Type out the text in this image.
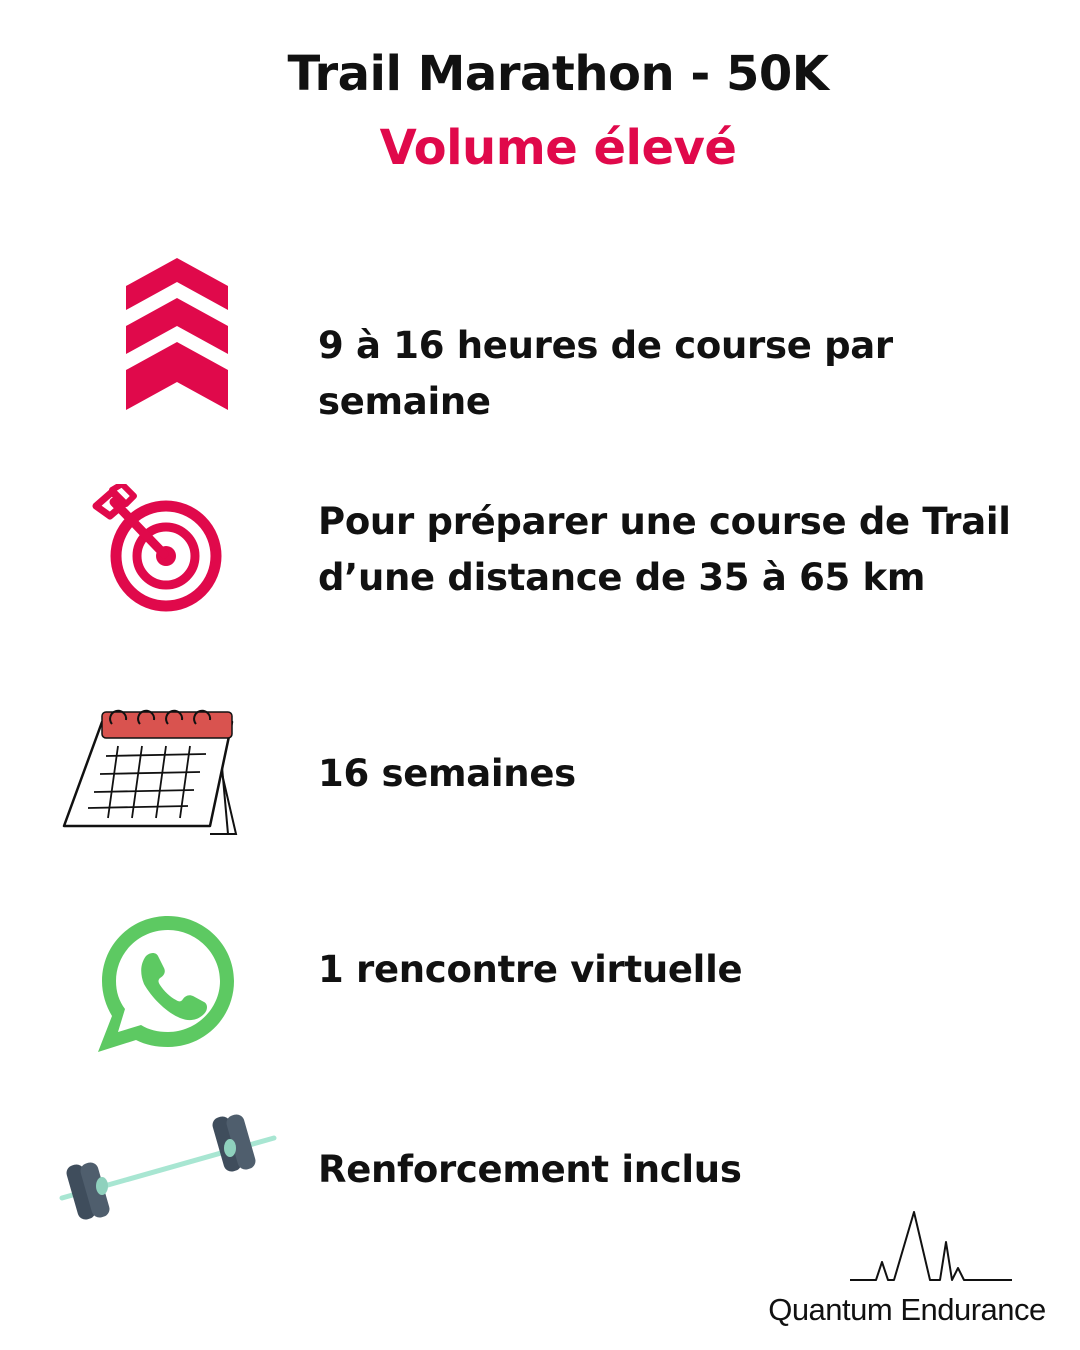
Trail Marathon - 50K
Volume élevé

9 à 16 heures de course par semaine

Pour préparer une course de Trail
d’une distance de 35 à 65 km

16 semaines

1 rencontre virtuelle

Renforcement inclus

Quantum Endurance
